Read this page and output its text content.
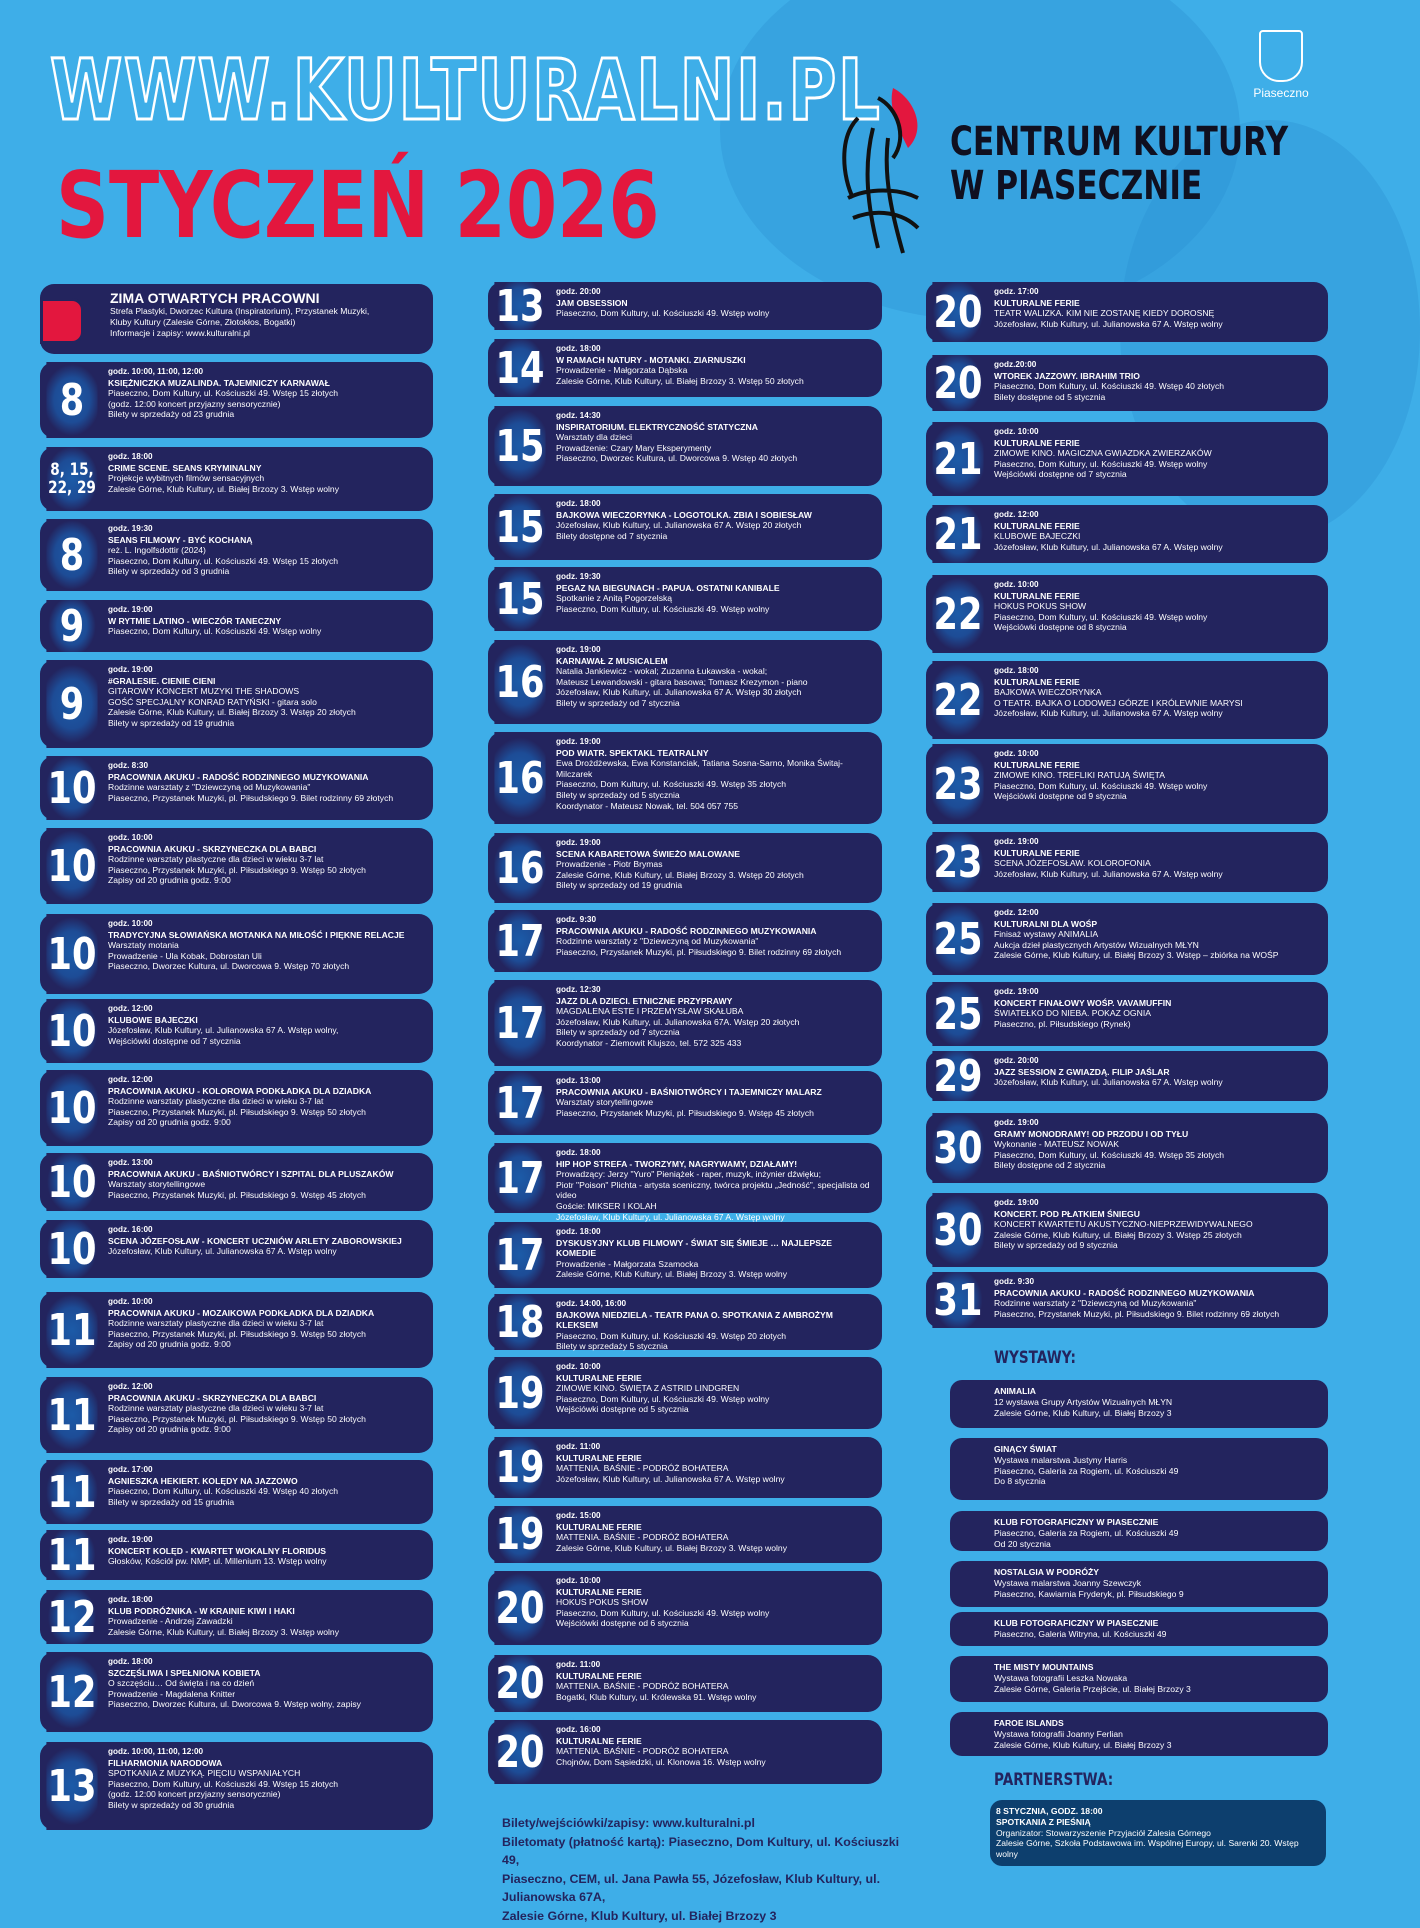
WWW.KULTURALNI.PL
STYCZEŃ 2026
CENTRUM KULTURY
W PIASECZNIE
Piaseczno
ZIMA OTWARTYCH PRACOWNI
Strefa Plastyki, Dworzec Kultura (Inspiratorium), Przystanek Muzyki,
Kluby Kultury (Zalesie Górne, Złotokłos, Bogatki)
Informacje i zapisy: www.kulturalni.pl
8
godz. 10:00, 11:00, 12:00
KSIĘŻNICZKA MUZALINDA. TAJEMNICZY KARNAWAŁ
Piaseczno, Dom Kultury, ul. Kościuszki 49. Wstęp 15 złotych
(godz. 12:00 koncert przyjazny sensorycznie)
Bilety w sprzedaży od 23 grudnia
8, 15, 22, 29
godz. 18:00
CRIME SCENE. SEANS KRYMINALNY
Projekcje wybitnych filmów sensacyjnych
Zalesie Górne, Klub Kultury, ul. Białej Brzozy 3. Wstęp wolny
8
godz. 19:30
SEANS FILMOWY - BYĆ KOCHANĄ
reż. L. Ingolfsdottir (2024)
Piaseczno, Dom Kultury, ul. Kościuszki 49. Wstęp 15 złotych
Bilety w sprzedaży od 3 grudnia
9	godz. 19:00
W RYTMIE LATINO - WIECZÓR TANECZNY
Piaseczno, Dom Kultury, ul. Kościuszki 49. Wstęp wolny
9
godz. 19:00
#GRALESIE. CIENIE CIENI
GITAROWY KONCERT MUZYKI THE SHADOWS
GOŚĆ SPECJALNY KONRAD RATYŃSKI - gitara solo
Zalesie Górne, Klub Kultury, ul. Białej Brzozy 3. Wstęp 20 złotych
Bilety w sprzedaży od 19 grudnia
10 godz. 8:30
PRACOWNIA AKUKU - RADOŚĆ RODZINNEGO MUZYKOWANIA
Rodzinne warsztaty z "Dziewczyną od Muzykowania"
Piaseczno, Przystanek Muzyki, pl. Piłsudskiego 9. Bilet rodzinny 69 złotych
10
godz. 10:00
PRACOWNIA AKUKU - SKRZYNECZKA DLA BABCI
Rodzinne warsztaty plastyczne dla dzieci w wieku 3-7 lat
Piaseczno, Przystanek Muzyki, pl. Piłsudskiego 9. Wstęp 50 złotych
Zapisy od 20 grudnia godz. 9:00
10
godz. 10:00
TRADYCYJNA SŁOWIAŃSKA MOTANKA NA MIŁOŚĆ I PIĘKNE RELACJE
Warsztaty motania
Prowadzenie - Ula Kobak, Dobrostan Uli
Piaseczno, Dworzec Kultura, ul. Dworcowa 9. Wstęp 70 złotych
10 godz. 12:00
KLUBOWE BAJECZKI
Józefosław, Klub Kultury, ul. Julianowska 67 A. Wstęp wolny,
Wejściówki dostępne od 7 stycznia
10
godz. 12:00
PRACOWNIA AKUKU - KOLOROWA PODKŁADKA DLA DZIADKA
Rodzinne warsztaty plastyczne dla dzieci w wieku 3-7 lat
Piaseczno, Przystanek Muzyki, pl. Piłsudskiego 9. Wstęp 50 złotych
Zapisy od 20 grudnia godz. 9:00
10 godz. 13:00
PRACOWNIA AKUKU - BAŚNIOTWÓRCY I SZPITAL DLA PLUSZAKÓW
Warsztaty storytellingowe
Piaseczno, Przystanek Muzyki, pl. Piłsudskiego 9. Wstęp 45 złotych
10 godz. 16:00
SCENA JÓZEFOSŁAW - KONCERT UCZNIÓW ARLETY ZABOROWSKIEJ
Józefosław, Klub Kultury, ul. Julianowska 67 A. Wstęp wolny
11
godz. 10:00
PRACOWNIA AKUKU - MOZAIKOWA PODKŁADKA DLA DZIADKA
Rodzinne warsztaty plastyczne dla dzieci w wieku 3-7 lat
Piaseczno, Przystanek Muzyki, pl. Piłsudskiego 9. Wstęp 50 złotych
Zapisy od 20 grudnia godz. 9:00
11
godz. 12:00
PRACOWNIA AKUKU - SKRZYNECZKA DLA BABCI
Rodzinne warsztaty plastyczne dla dzieci w wieku 3-7 lat
Piaseczno, Przystanek Muzyki, pl. Piłsudskiego 9. Wstęp 50 złotych
Zapisy od 20 grudnia godz. 9:00
11 godz. 17:00
AGNIESZKA HEKIERT. KOLĘDY NA JAZZOWO
Piaseczno, Dom Kultury, ul. Kościuszki 49. Wstęp 40 złotych
Bilety w sprzedaży od 15 grudnia
11 godz. 19:00
KONCERT KOLĘD - KWARTET WOKALNY FLORIDUS
Głosków, Kościół pw. NMP, ul. Millenium 13. Wstęp wolny
12 godz. 18:00
KLUB PODRÓŻNIKA - W KRAINIE KIWI I HAKI
Prowadzenie - Andrzej Zawadzki
Zalesie Górne, Klub Kultury, ul. Białej Brzozy 3. Wstęp wolny
12
godz. 18:00
SZCZĘŚLIWA I SPEŁNIONA KOBIETA
O szczęściu… Od święta i na co dzień
Prowadzenie - Magdalena Knitter
Piaseczno, Dworzec Kultura, ul. Dworcowa 9. Wstęp wolny, zapisy
13
godz. 10:00, 11:00, 12:00
FILHARMONIA NARODOWA
SPOTKANIA Z MUZYKĄ. PIĘCIU WSPANIAŁYCH
Piaseczno, Dom Kultury, ul. Kościuszki 49. Wstęp 15 złotych
(godz. 12:00 koncert przyjazny sensorycznie)
Bilety w sprzedaży od 30 grudnia
13 godz. 20:00
JAM OBSESSION
Piaseczno, Dom Kultury, ul. Kościuszki 49. Wstęp wolny
14 godz. 18:00
W RAMACH NATURY - MOTANKI. ZIARNUSZKI
Prowadzenie - Małgorzata Dąbska
Zalesie Górne, Klub Kultury, ul. Białej Brzozy 3. Wstęp 50 złotych
15
godz. 14:30
INSPIRATORIUM. ELEKTRYCZNOŚĆ STATYCZNA
Warsztaty dla dzieci
Prowadzenie: Czary Mary Eksperymenty
Piaseczno, Dworzec Kultura, ul. Dworcowa 9. Wstęp 40 złotych
15 godz. 18:00
BAJKOWA WIECZORYNKA - LOGOTOLKA. ZBIA I SOBIESŁAW
Józefosław, Klub Kultury, ul. Julianowska 67 A. Wstęp 20 złotych
Bilety dostępne od 7 stycznia
15 godz. 19:30
PEGAZ NA BIEGUNACH - PAPUA. OSTATNI KANIBALE
Spotkanie z Anitą Pogorzelską
Piaseczno, Dom Kultury, ul. Kościuszki 49. Wstęp wolny
16
godz. 19:00
KARNAWAŁ Z MUSICALEM
Natalia Jankiewicz - wokal; Zuzanna Łukawska - wokal;
Mateusz Lewandowski - gitara basowa; Tomasz Krezymon - piano
Józefosław, Klub Kultury, ul. Julianowska 67 A. Wstęp 30 złotych
Bilety w sprzedaży od 7 stycznia
16
godz. 19:00
POD WIATR. SPEKTAKL TEATRALNY
Ewa Drożdżewska, Ewa Konstanciak, Tatiana Sosna-Sarno, Monika Świtaj-Milczarek
Piaseczno, Dom Kultury, ul. Kościuszki 49. Wstęp 35 złotych
Bilety w sprzedaży od 5 stycznia
Koordynator - Mateusz Nowak, tel. 504 057 755
16 godz. 19:00
SCENA KABARETOWA ŚWIEŻO MALOWANE
Prowadzenie - Piotr Brymas
Zalesie Górne, Klub Kultury, ul. Białej Brzozy 3. Wstęp 20 złotych
Bilety w sprzedaży od 19 grudnia
17 godz. 9:30
PRACOWNIA AKUKU - RADOŚĆ RODZINNEGO MUZYKOWANIA
Rodzinne warsztaty z "Dziewczyną od Muzykowania"
Piaseczno, Przystanek Muzyki, pl. Piłsudskiego 9. Bilet rodzinny 69 złotych
17
godz. 12:30
JAZZ DLA DZIECI. ETNICZNE PRZYPRAWY
MAGDALENA ESTE I PRZEMYSŁAW SKAŁUBA
Józefosław, Klub Kultury, ul. Julianowska 67A. Wstęp 20 złotych
Bilety w sprzedaży od 7 stycznia
Koordynator - Ziemowit Klujszo, tel. 572 325 433
17 godz. 13:00
PRACOWNIA AKUKU - BAŚNIOTWÓRCY I TAJEMNICZY MALARZ
Warsztaty storytellingowe
Piaseczno, Przystanek Muzyki, pl. Piłsudskiego 9. Wstęp 45 złotych
17 godz. 18:00
HIP HOP STREFA - TWORZYMY, NAGRYWAMY, DZIAŁAMY!
Prowadzący: Jerzy "Yuro" Pieniążek - raper, muzyk, inżynier dźwięku;
Piotr "Poison" Plichta - artysta sceniczny, twórca projektu „Jedność”, specjalista od video
Goście: MIKSER I KOLAH
Józefosław, Klub Kultury, ul. Julianowska 67 A. Wstęp wolny
17 godz. 18:00
DYSKUSYJNY KLUB FILMOWY - ŚWIAT SIĘ ŚMIEJE … NAJLEPSZE KOMEDIE
Prowadzenie - Małgorzata Szamocka
Zalesie Górne, Klub Kultury, ul. Białej Brzozy 3. Wstęp wolny
18 godz. 14:00, 16:00
BAJKOWA NIEDZIELA - TEATR PANA O. SPOTKANIA Z AMBROŻYM KLEKSEM
Piaseczno, Dom Kultury, ul. Kościuszki 49. Wstęp 20 złotych
Bilety w sprzedaży 5 stycznia
19
godz. 10:00
KULTURALNE FERIE
ZIMOWE KINO. ŚWIĘTA Z ASTRID LINDGREN
Piaseczno, Dom Kultury, ul. Kościuszki 49. Wstęp wolny
Wejściówki dostępne od 5 stycznia
19 godz. 11:00
KULTURALNE FERIE
MATTENIA. BAŚNIE - PODRÓŻ BOHATERA
Józefosław, Klub Kultury, ul. Julianowska 67 A. Wstęp wolny
19 godz. 15:00
KULTURALNE FERIE
MATTENIA. BAŚNIE - PODRÓŻ BOHATERA
Zalesie Górne, Klub Kultury, ul. Białej Brzozy 3. Wstęp wolny
20
godz. 10:00
KULTURALNE FERIE
HOKUS POKUS SHOW
Piaseczno, Dom Kultury, ul. Kościuszki 49. Wstęp wolny
Wejściówki dostępne od 6 stycznia
20 godz. 11:00
KULTURALNE FERIE
MATTENIA. BAŚNIE - PODRÓŻ BOHATERA
Bogatki, Klub Kultury, ul. Królewska 91. Wstęp wolny
20 godz. 16:00
KULTURALNE FERIE
MATTENIA. BAŚNIE - PODRÓŻ BOHATERA
Chojnów, Dom Sąsiedzki, ul. Klonowa 16. Wstęp wolny
20 godz. 17:00
KULTURALNE FERIE
TEATR WALIZKA. KIM NIE ZOSTANĘ KIEDY DOROSNĘ
Józefosław, Klub Kultury, ul. Julianowska 67 A. Wstęp wolny
20 godz.20:00
WTOREK JAZZOWY. IBRAHIM TRIO
Piaseczno, Dom Kultury, ul. Kościuszki 49. Wstęp 40 złotych
Bilety dostępne od 5 stycznia
21
godz. 10:00
KULTURALNE FERIE
ZIMOWE KINO. MAGICZNA GWIAZDKA ZWIERZAKÓW
Piaseczno, Dom Kultury, ul. Kościuszki 49. Wstęp wolny
Wejściówki dostępne od 7 stycznia
21 godz. 12:00
KULTURALNE FERIE
KLUBOWE BAJECZKI
Józefosław, Klub Kultury, ul. Julianowska 67 A. Wstęp wolny
22
godz. 10:00
KULTURALNE FERIE
HOKUS POKUS SHOW
Piaseczno, Dom Kultury, ul. Kościuszki 49. Wstęp wolny
Wejściówki dostępne od 8 stycznia
22
godz. 18:00
KULTURALNE FERIE
BAJKOWA WIECZORYNKA
O TEATR. BAJKA O LODOWEJ GÓRZE I KRÓLEWNIE MARYSI
Józefosław, Klub Kultury, ul. Julianowska 67 A. Wstęp wolny
23
godz. 10:00
KULTURALNE FERIE
ZIMOWE KINO. TREFLIKI RATUJĄ ŚWIĘTA
Piaseczno, Dom Kultury, ul. Kościuszki 49. Wstęp wolny
Wejściówki dostępne od 9 stycznia
23 godz. 19:00
KULTURALNE FERIE
SCENA JÓZEFOSŁAW. KOLOROFONIA
Józefosław, Klub Kultury, ul. Julianowska 67 A. Wstęp wolny
25
godz. 12:00
KULTURALNI DLA WOŚP
Finisaż wystawy ANIMALIA
Aukcja dzieł plastycznych Artystów Wizualnych MŁYN
Zalesie Górne, Klub Kultury, ul. Białej Brzozy 3. Wstęp – zbiórka na WOŚP
25 godz. 19:00
KONCERT FINAŁOWY WOŚP. VAVAMUFFIN
ŚWIATEŁKO DO NIEBA. POKAZ OGNIA
Piaseczno, pl. Piłsudskiego (Rynek)
29 godz. 20:00
JAZZ SESSION Z GWIAZDĄ. FILIP JAŚLAR
Józefosław, Klub Kultury, ul. Julianowska 67 A. Wstęp wolny
30 godz. 19:00
GRAMY MONODRAMY! OD PRZODU I OD TYŁU
Wykonanie - MATEUSZ NOWAK
Piaseczno, Dom Kultury, ul. Kościuszki 49. Wstęp 35 złotych
Bilety dostępne od 2 stycznia
30
godz. 19:00
KONCERT. POD PŁATKIEM ŚNIEGU
KONCERT KWARTETU AKUSTYCZNO-NIEPRZEWIDYWALNEGO
Zalesie Górne, Klub Kultury, ul. Białej Brzozy 3. Wstęp 25 złotych
Bilety w sprzedaży od 9 stycznia
31 godz. 9:30
PRACOWNIA AKUKU - RADOŚĆ RODZINNEGO MUZYKOWANIA
Rodzinne warsztaty z "Dziewczyną od Muzykowania"
Piaseczno, Przystanek Muzyki, pl. Piłsudskiego 9. Bilet rodzinny 69 złotych
WYSTAWY:
ANIMALIA
12 wystawa Grupy Artystów Wizualnych MŁYN
Zalesie Górne, Klub Kultury, ul. Białej Brzozy 3
GINĄCY ŚWIAT
Wystawa malarstwa Justyny Harris
Piaseczno, Galeria za Rogiem, ul. Kościuszki 49
Do 8 stycznia
KLUB FOTOGRAFICZNY W PIASECZNIE
Piaseczno, Galeria za Rogiem, ul. Kościuszki 49
Od 20 stycznia
NOSTALGIA W PODRÓŻY
Wystawa malarstwa Joanny Szewczyk
Piaseczno, Kawiarnia Fryderyk, pl. Piłsudskiego 9
KLUB FOTOGRAFICZNY W PIASECZNIE
Piaseczno, Galeria Witryna, ul. Kościuszki 49
THE MISTY MOUNTAINS
Wystawa fotografii Leszka Nowaka
Zalesie Górne, Galeria Przejście, ul. Białej Brzozy 3
FAROE ISLANDS
Wystawa fotografii Joanny Ferlian
Zalesie Górne, Klub Kultury, ul. Białej Brzozy 3
PARTNERSTWA:
8 STYCZNIA, GODZ. 18:00
SPOTKANIA Z PIEŚNIĄ
Organizator: Stowarzyszenie Przyjaciół Zalesia Górnego
Zalesie Górne, Szkoła Podstawowa im. Wspólnej Europy, ul. Sarenki 20. Wstęp wolny
Bilety/wejściówki/zapisy: www.kulturalni.pl
Biletomaty (płatność kartą): Piaseczno, Dom Kultury, ul. Kościuszki 49,
Piaseczno, CEM, ul. Jana Pawła 55, Józefosław, Klub Kultury, ul. Julianowska 67A,
Zalesie Górne, Klub Kultury, ul. Białej Brzozy 3
